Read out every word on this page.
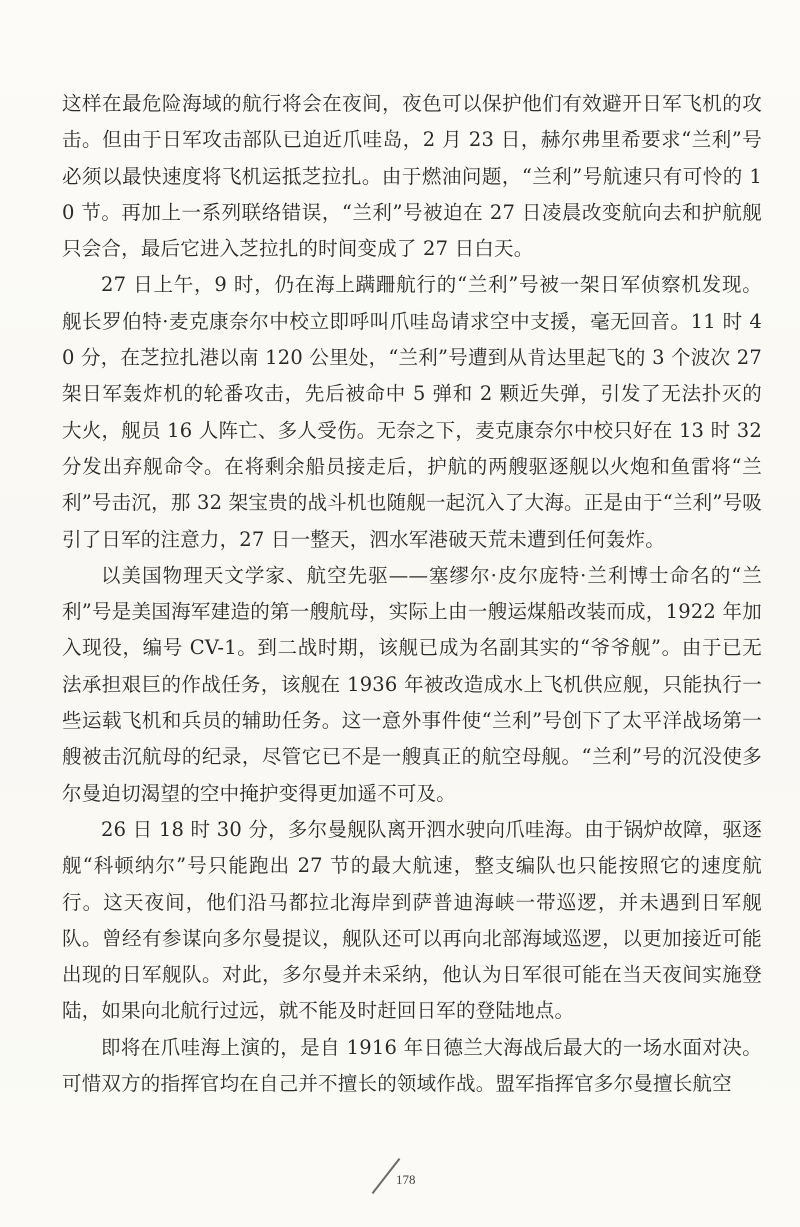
这样在最危险海域的航行将会在夜间，夜色可以保护他们有效避开日军飞机的攻击。但由于日军攻击部队已迫近爪哇岛，2 月 23 日，赫尔弗里希要求“兰利”号必须以最快速度将飞机运抵芝拉扎。由于燃油问题，“兰利”号航速只有可怜的 10 节。再加上一系列联络错误，“兰利”号被迫在 27 日凌晨改变航向去和护航舰只会合，最后它进入芝拉扎的时间变成了 27 日白天。

27 日上午，9 时，仍在海上蹒跚航行的“兰利”号被一架日军侦察机发现。舰长罗伯特·麦克康奈尔中校立即呼叫爪哇岛请求空中支援，毫无回音。11 时 40 分，在芝拉扎港以南 120 公里处，“兰利”号遭到从肯达里起飞的 3 个波次 27 架日军轰炸机的轮番攻击，先后被命中 5 弹和 2 颗近失弹，引发了无法扑灭的大火，舰员 16 人阵亡、多人受伤。无奈之下，麦克康奈尔中校只好在 13 时 32 分发出弃舰命令。在将剩余船员接走后，护航的两艘驱逐舰以火炮和鱼雷将“兰利”号击沉，那 32 架宝贵的战斗机也随舰一起沉入了大海。正是由于“兰利”号吸引了日军的注意力，27 日一整天，泗水军港破天荒未遭到任何轰炸。

以美国物理天文学家、航空先驱——塞缪尔·皮尔庞特·兰利博士命名的“兰利”号是美国海军建造的第一艘航母，实际上由一艘运煤船改装而成，1922 年加入现役，编号 CV-1。到二战时期，该舰已成为名副其实的“爷爷舰”。由于已无法承担艰巨的作战任务，该舰在 1936 年被改造成水上飞机供应舰，只能执行一些运载飞机和兵员的辅助任务。这一意外事件使“兰利”号创下了太平洋战场第一艘被击沉航母的纪录，尽管它已不是一艘真正的航空母舰。“兰利”号的沉没使多尔曼迫切渴望的空中掩护变得更加遥不可及。

26 日 18 时 30 分，多尔曼舰队离开泗水驶向爪哇海。由于锅炉故障，驱逐舰“科顿纳尔”号只能跑出 27 节的最大航速，整支编队也只能按照它的速度航行。这天夜间，他们沿马都拉北海岸到萨普迪海峡一带巡逻，并未遇到日军舰队。曾经有参谋向多尔曼提议，舰队还可以再向北部海域巡逻，以更加接近可能出现的日军舰队。对此，多尔曼并未采纳，他认为日军很可能在当天夜间实施登陆，如果向北航行过远，就不能及时赶回日军的登陆地点。

即将在爪哇海上演的，是自 1916 年日德兰大海战后最大的一场水面对决。可惜双方的指挥官均在自己并不擅长的领域作战。盟军指挥官多尔曼擅长航空

178
